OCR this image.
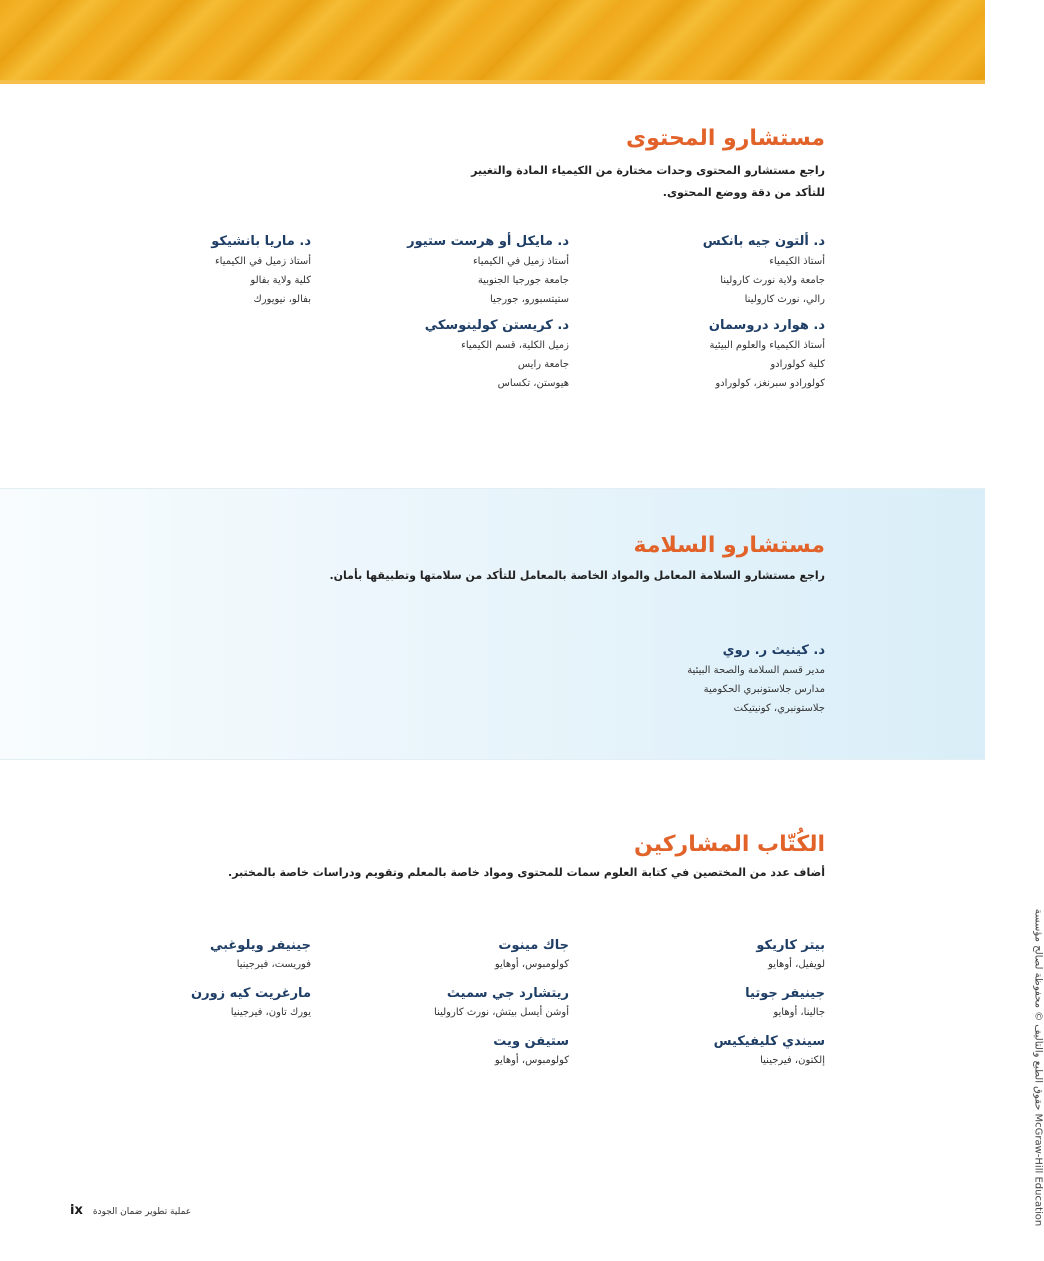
مستشارو المحتوى

راجع مستشارو المحتوى وحدات مختارة من الكيمياء المادة والتغيير للتأكد من دقة ووضع المحتوى.

د. ألتون جيه بانكس
أستاذ الكيمياء
جامعة ولاية نورث كارولينا
رالي، نورث كارولينا
د. مايكل أو هرست ستيور
أستاذ زميل في الكيمياء
جامعة جورجيا الجنوبية
ستيتسبورو، جورجيا
د. ماريا بانشيكو
أستاذ زميل في الكيمياء
كلية ولاية بفالو
بفالو، نيويورك
د. هوارد دروسمان
أستاذ الكيمياء والعلوم البيئية
كلية كولورادو
كولورادو سبرنغز، كولورادو
د. كريستن كولينوسكي
زميل الكلية، قسم الكيمياء
جامعة رايس
هيوستن، تكساس
مستشارو السلامة

راجع مستشارو السلامة المعامل والمواد الخاصة بالمعامل للتأكد من سلامتها وتطبيقها بأمان.

د. كينيث ر. روي
مدير قسم السلامة والصحة البيئية
مدارس جلاستونبري الحكومية
جلاستونبري، كونيتيكت
الكُتّاب المشاركين

أضاف عدد من المختصين في كتابة العلوم سمات للمحتوى ومواد خاصة بالمعلم وتقويم ودراسات خاصة بالمختبر.

بيتر كاريكو
لويفيل، أوهايو
جاك مينوت
كولومبوس، أوهايو
جينيفر ويلوغبي
فوريست، فيرجينيا
جينيفر جوتيا
جالينا، أوهايو
ريتشارد جي سميث
أوشن أيسل بيتش، نورث كارولينا
مارغريت كيه زورن
يورك تاون، فيرجينيا
سيندي كليفيكيس
إلكتون، فيرجينيا
ستيفن ويت
كولومبوس، أوهايو	حقوق الطبع والتأليف © محفوظة لصالح مؤسسة McGraw-Hill Education
ix عملية تطوير ضمان الجودة
